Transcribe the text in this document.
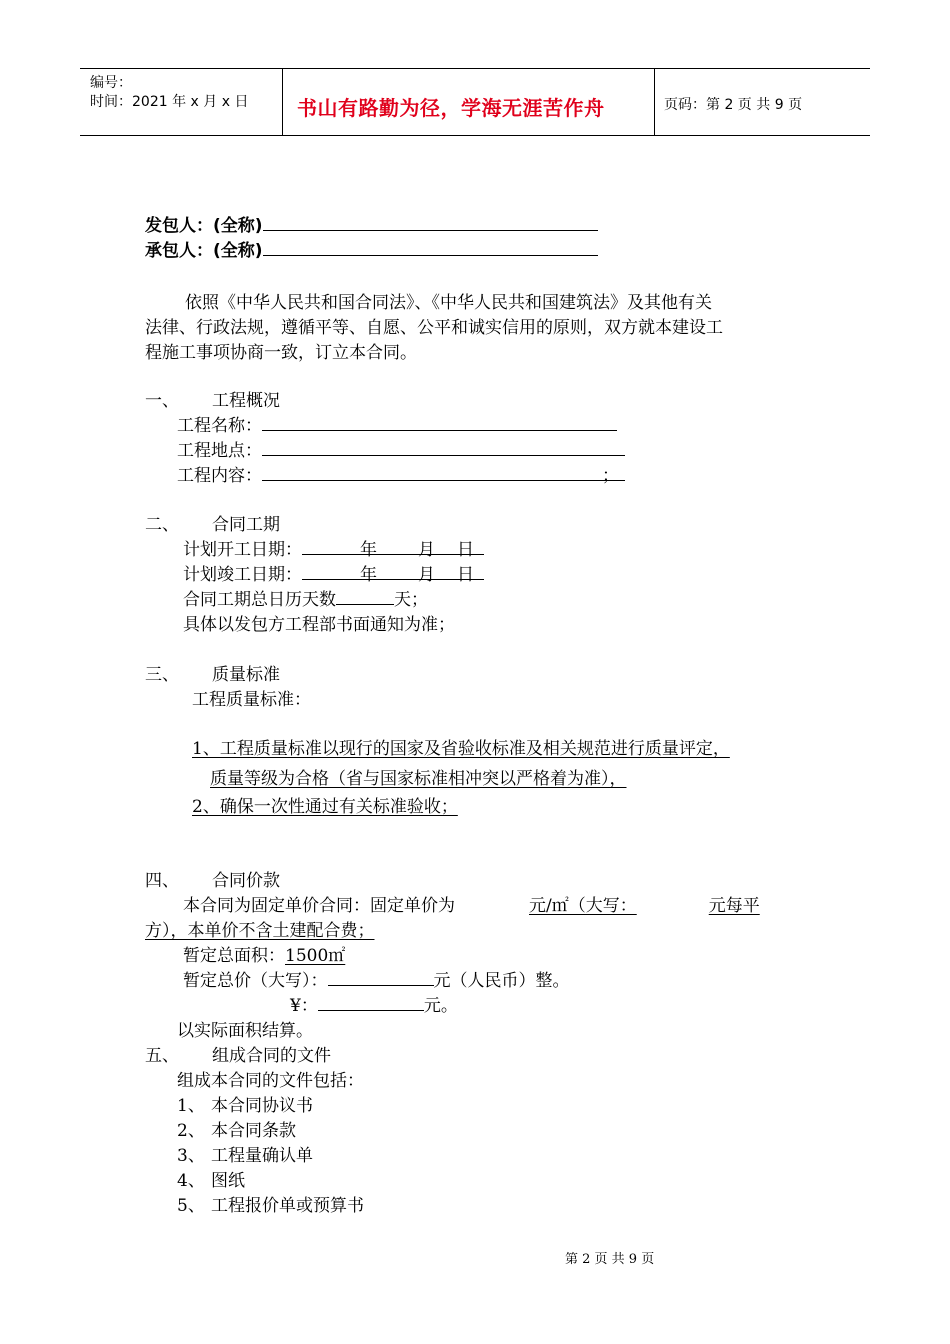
编号：
时间：2021 年 x 月 x 日 书山有路勤为径，学海无涯苦作舟	页码：第 2 页 共 9 页
发包人：(全称)
承包人：(全称)
依照《中华人民共和国合同法》、《中华人民共和国建筑法》及其他有关
法律、行政法规，遵循平等、自愿、公平和诚实信用的原则，双方就本建设工
程施工事项协商一致，订立本合同。
一、 工程概况
工程名称：
工程地点：
工程内容：	；
二、 合同工期
计划开工日期：	年 月 日
计划竣工日期：	年 月 日
合同工期总日历天数	天；
具体以发包方工程部书面通知为准；
三、 质量标准
工程质量标准：
1、工程质量标准以现行的国家及省验收标准及相关规范进行质量评定，
质量等级为合格（省与国家标准相冲突以严格着为准），
2、确保一次性通过有关标准验收；
四、 合同价款
本合同为固定单价合同：固定单价为	元/㎡（大写：	元每平
方），本单价不含土建配合费；
暂定总面积：1500㎡
暂定总价（大写）：	元（人民币）整。
¥：	元。
以实际面积结算。
五、 组成合同的文件
组成本合同的文件包括：
1、 本合同协议书
2、 本合同条款
3、 工程量确认单
4、 图纸
5、 工程报价单或预算书
第 2 页 共 9 页
